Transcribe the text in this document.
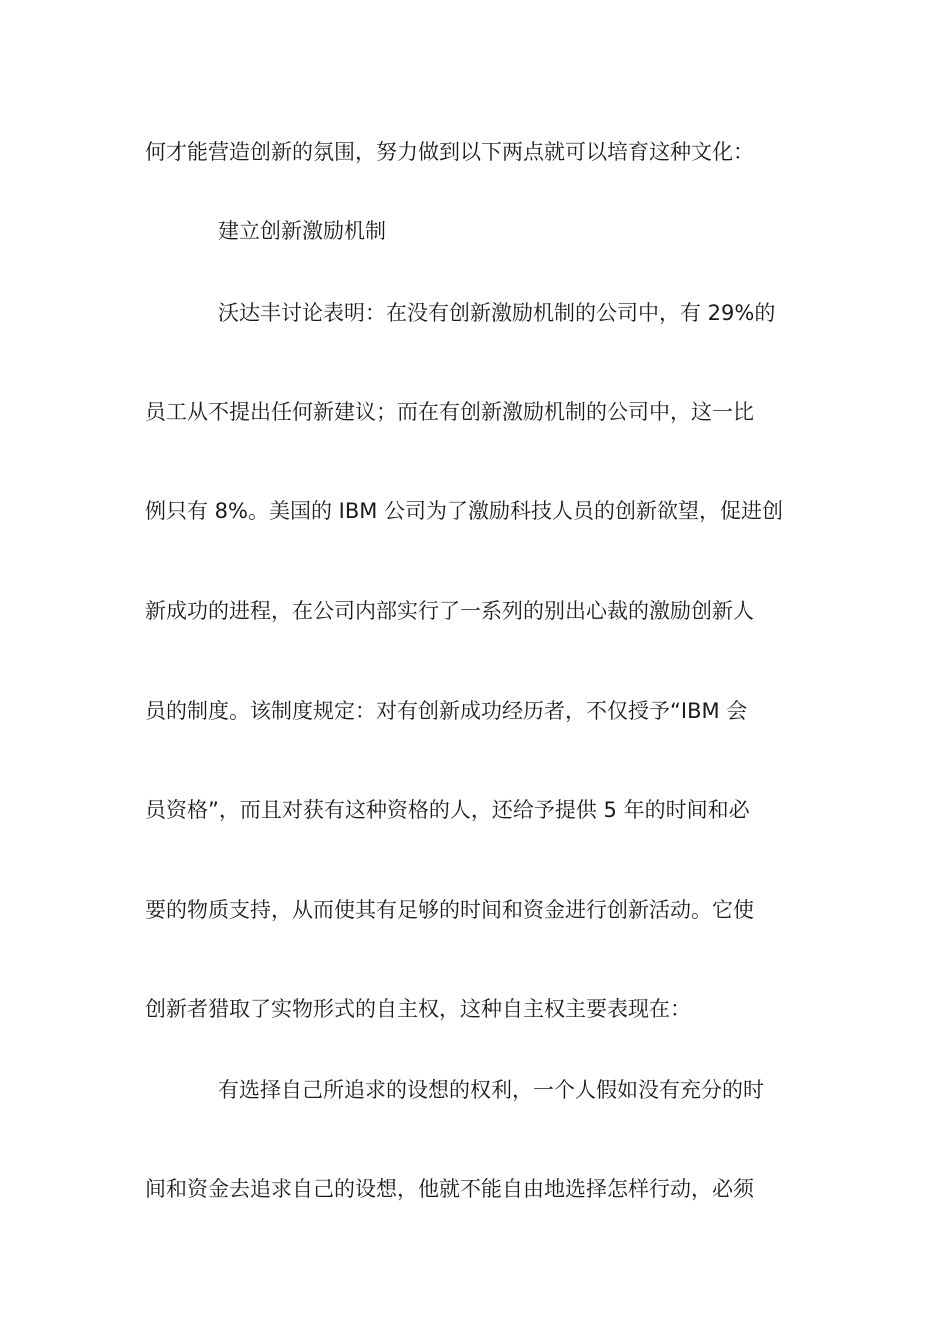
何才能营造创新的氛围，努力做到以下两点就可以培育这种文化：
建立创新激励机制
沃达丰讨论表明：在没有创新激励机制的公司中，有 29%的
员工从不提出任何新建议；而在有创新激励机制的公司中，这一比
例只有 8%。美国的 IBM 公司为了激励科技人员的创新欲望，促进创
新成功的进程，在公司内部实行了一系列的别出心裁的激励创新人
员的制度。该制度规定：对有创新成功经历者，不仅授予“IBM 会
员资格”，而且对获有这种资格的人，还给予提供 5 年的时间和必
要的物质支持，从而使其有足够的时间和资金进行创新活动。它使
创新者猎取了实物形式的自主权，这种自主权主要表现在：
有选择自己所追求的设想的权利，一个人假如没有充分的时
间和资金去追求自己的设想，他就不能自由地选择怎样行动，必须
